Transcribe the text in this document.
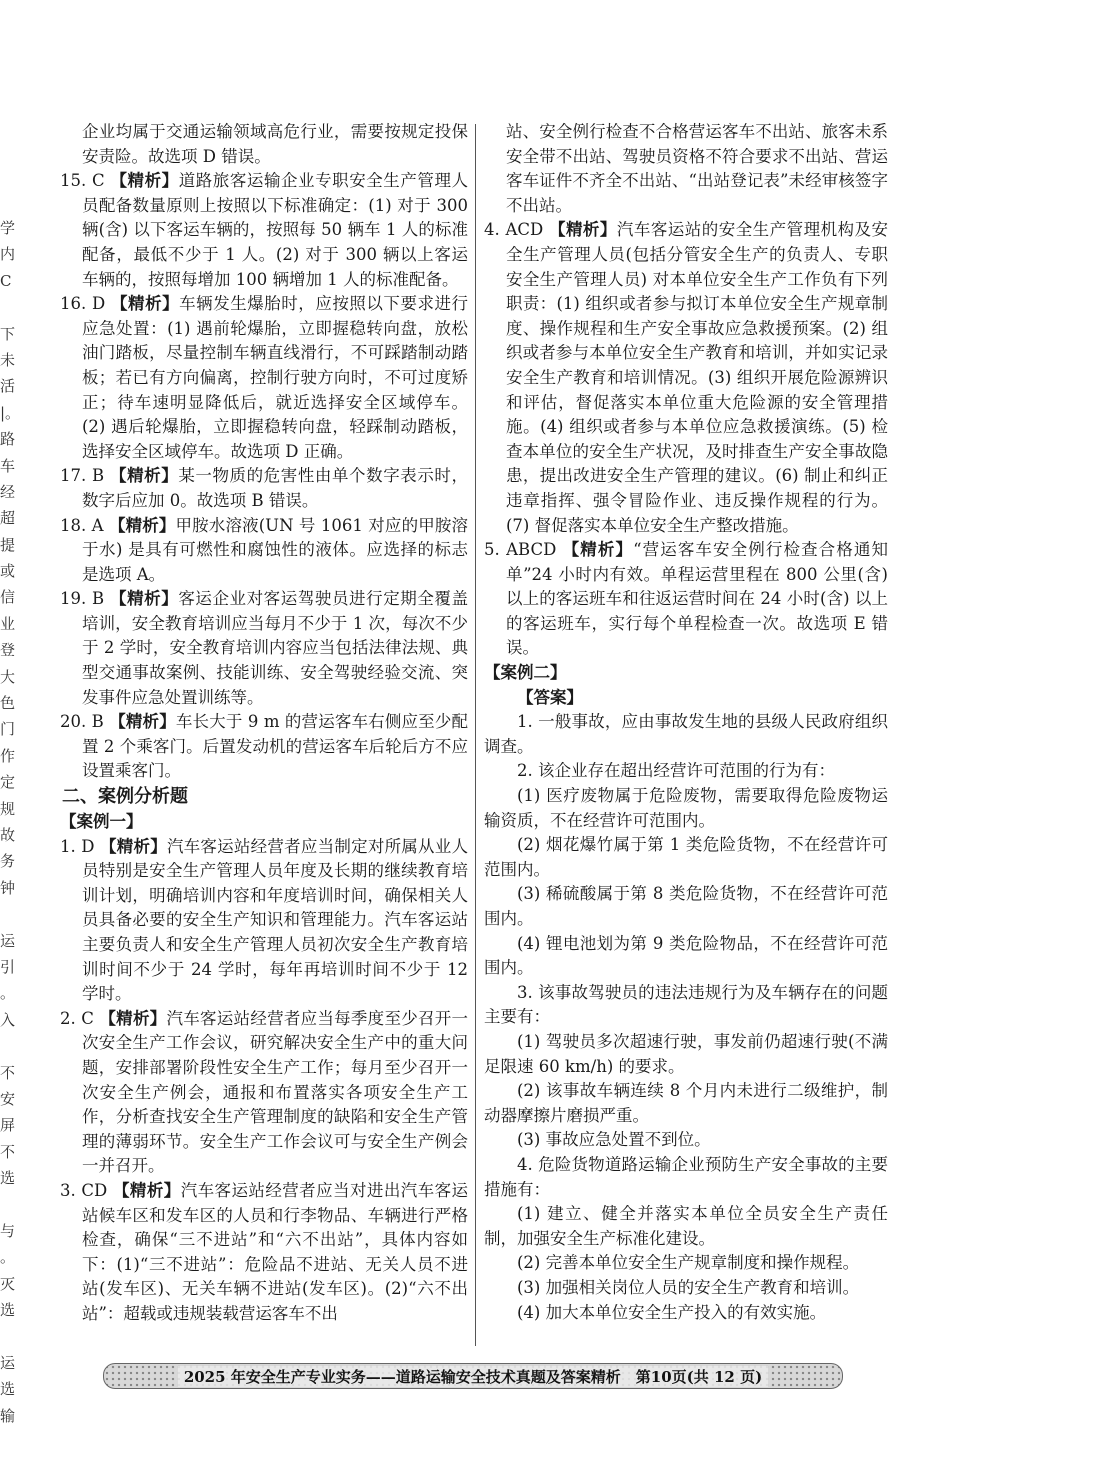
学
内
C
下
未
活
|。
路
车
经
超
提
或
信
业
登
大
色
门
作
定
规
故
务
钟
运
引
。
入
不
安
屏
不
选
与
。
灭
选
运
选
输
企业均属于交通运输领域高危行业，需要按规定投保安责险。故选项 D 错误。
15. C 【精析】道路旅客运输企业专职安全生产管理人员配备数量原则上按照以下标准确定：(1) 对于 300 辆(含) 以下客运车辆的，按照每 50 辆车 1 人的标准配备，最低不少于 1 人。(2) 对于 300 辆以上客运车辆的，按照每增加 100 辆增加 1 人的标准配备。
16. D 【精析】车辆发生爆胎时，应按照以下要求进行应急处置：(1) 遇前轮爆胎，立即握稳转向盘，放松油门踏板，尽量控制车辆直线滑行，不可踩踏制动踏板；若已有方向偏离，控制行驶方向时，不可过度矫正；待车速明显降低后，就近选择安全区域停车。(2) 遇后轮爆胎，立即握稳转向盘，轻踩制动踏板，选择安全区域停车。故选项 D 正确。
17. B 【精析】某一物质的危害性由单个数字表示时，数字后应加 0。故选项 B 错误。
18. A 【精析】甲胺水溶液(UN 号 1061 对应的甲胺溶于水) 是具有可燃性和腐蚀性的液体。应选择的标志是选项 A。
19. B 【精析】客运企业对客运驾驶员进行定期全覆盖培训，安全教育培训应当每月不少于 1 次，每次不少于 2 学时，安全教育培训内容应当包括法律法规、典型交通事故案例、技能训练、安全驾驶经验交流、突发事件应急处置训练等。
20. B 【精析】车长大于 9 m 的营运客车右侧应至少配置 2 个乘客门。后置发动机的营运客车后轮后方不应设置乘客门。
二、案例分析题
【案例一】
1. D 【精析】汽车客运站经营者应当制定对所属从业人员特别是安全生产管理人员年度及长期的继续教育培训计划，明确培训内容和年度培训时间，确保相关人员具备必要的安全生产知识和管理能力。汽车客运站主要负责人和安全生产管理人员初次安全生产教育培训时间不少于 24 学时，每年再培训时间不少于 12 学时。
2. C 【精析】汽车客运站经营者应当每季度至少召开一次安全生产工作会议，研究解决安全生产中的重大问题，安排部署阶段性安全生产工作；每月至少召开一次安全生产例会，通报和布置落实各项安全生产工作，分析查找安全生产管理制度的缺陷和安全生产管理的薄弱环节。安全生产工作会议可与安全生产例会一并召开。
3. CD 【精析】汽车客运站经营者应当对进出汽车客运站候车区和发车区的人员和行李物品、车辆进行严格检查，确保“三不进站”和“六不出站”，具体内容如下：(1)“三不进站”：危险品不进站、无关人员不进站(发车区)、无关车辆不进站(发车区)。(2)“六不出站”：超载或违规装载营运客车不出
站、安全例行检查不合格营运客车不出站、旅客未系安全带不出站、驾驶员资格不符合要求不出站、营运客车证件不齐全不出站、“出站登记表”未经审核签字不出站。
4. ACD 【精析】汽车客运站的安全生产管理机构及安全生产管理人员(包括分管安全生产的负责人、专职安全生产管理人员) 对本单位安全生产工作负有下列职责：(1) 组织或者参与拟订本单位安全生产规章制度、操作规程和生产安全事故应急救援预案。(2) 组织或者参与本单位安全生产教育和培训，并如实记录安全生产教育和培训情况。(3) 组织开展危险源辨识和评估，督促落实本单位重大危险源的安全管理措施。(4) 组织或者参与本单位应急救援演练。(5) 检查本单位的安全生产状况，及时排查生产安全事故隐患，提出改进安全生产管理的建议。(6) 制止和纠正违章指挥、强令冒险作业、违反操作规程的行为。(7) 督促落实本单位安全生产整改措施。
5. ABCD 【精析】“营运客车安全例行检查合格通知单”24 小时内有效。单程运营里程在 800 公里(含) 以上的客运班车和往返运营时间在 24 小时(含) 以上的客运班车，实行每个单程检查一次。故选项 E 错误。
【案例二】
【答案】
1. 一般事故，应由事故发生地的县级人民政府组织调查。
2. 该企业存在超出经营许可范围的行为有：
(1) 医疗废物属于危险废物，需要取得危险废物运输资质，不在经营许可范围内。
(2) 烟花爆竹属于第 1 类危险货物，不在经营许可范围内。
(3) 稀硫酸属于第 8 类危险货物，不在经营许可范围内。
(4) 锂电池划为第 9 类危险物品，不在经营许可范围内。
3. 该事故驾驶员的违法违规行为及车辆存在的问题主要有：
(1) 驾驶员多次超速行驶，事发前仍超速行驶(不满足限速 60 km/h) 的要求。
(2) 该事故车辆连续 8 个月内未进行二级维护，制动器摩擦片磨损严重。
(3) 事故应急处置不到位。
4. 危险货物道路运输企业预防生产安全事故的主要措施有：
(1) 建立、健全并落实本单位全员安全生产责任制，加强安全生产标准化建设。
(2) 完善本单位安全生产规章制度和操作规程。
(3) 加强相关岗位人员的安全生产教育和培训。
(4) 加大本单位安全生产投入的有效实施。
2025 年安全生产专业实务——道路运输安全技术真题及答案精析　第10页(共 12 页)
